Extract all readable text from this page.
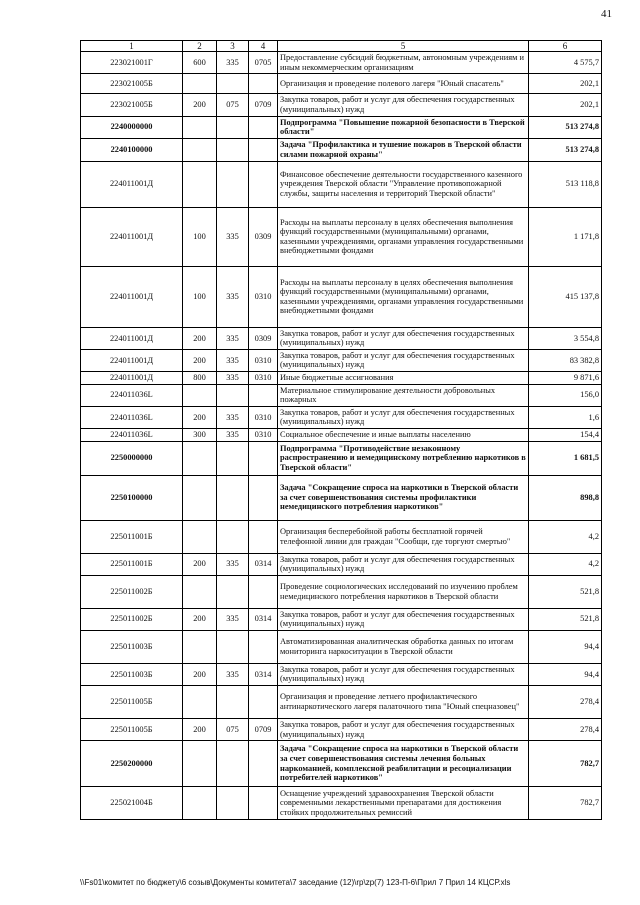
41
1	2	3	4	5	6
223021001Г	600	335	0705	Предоставление субсидий бюджетным, автономным учреждениям и иным некоммерческим организациям	4 575,7
223021005Б				Организация и проведение полевого лагеря "Юный спасатель"	202,1
223021005Б	200	075	0709	Закупка товаров, работ и услуг для обеспечения государственных (муниципальных) нужд	202,1
2240000000				Подпрограмма "Повышение пожарной безопасности в Тверской области"	513 274,8
2240100000				Задача "Профилактика и тушение пожаров в Тверской области силами пожарной охраны"	513 274,8
224011001Д				Финансовое обеспечение деятельности государственного казенного учреждения Тверской области "Управление противопожарной службы, защиты населения и территорий Тверской области"	513 118,8
224011001Д	100	335	0309	Расходы на выплаты персоналу в целях обеспечения выполнения функций государственными (муниципальными) органами, казенными учреждениями, органами управления государственными внебюджетными фондами	1 171,8
224011001Д	100	335	0310	Расходы на выплаты персоналу в целях обеспечения выполнения функций государственными (муниципальными) органами, казенными учреждениями, органами управления государственными внебюджетными фондами	415 137,8
224011001Д	200	335	0309	Закупка товаров, работ и услуг для обеспечения государственных (муниципальных) нужд	3 554,8
224011001Д	200	335	0310	Закупка товаров, работ и услуг для обеспечения государственных (муниципальных) нужд	83 382,8
224011001Д	800	335	0310	Иные бюджетные ассигнования	9 871,6
224011036L				Материальное стимулирование деятельности добровольных пожарных	156,0
224011036L	200	335	0310	Закупка товаров, работ и услуг для обеспечения государственных (муниципальных) нужд	1,6
224011036L	300	335	0310	Социальное обеспечение и иные выплаты населению	154,4
2250000000				Подпрограмма "Противодействие незаконному распространению и немедицинскому потреблению наркотиков в Тверской области"	1 681,5
2250100000				Задача "Сокращение спроса на наркотики в Тверской области за счет совершенствования системы профилактики немедицинского потребления наркотиков"	898,8
225011001Б				Организация бесперебойной работы бесплатной горячей телефонной линии для граждан "Сообщи, где торгуют смертью"	4,2
225011001Б	200	335	0314	Закупка товаров, работ и услуг для обеспечения государственных (муниципальных) нужд	4,2
225011002Б				Проведение социологических исследований по изучению проблем немедицинского потребления наркотиков в Тверской области	521,8
225011002Б	200	335	0314	Закупка товаров, работ и услуг для обеспечения государственных (муниципальных) нужд	521,8
225011003Б				Автоматизированная аналитическая обработка данных по итогам мониторинга наркоситуации в Тверской области	94,4
225011003Б	200	335	0314	Закупка товаров, работ и услуг для обеспечения государственных (муниципальных) нужд	94,4
225011005Б				Организация и проведение летнего профилактического антинаркотического лагеря палаточного типа "Юный спецназовец"	278,4
225011005Б	200	075	0709	Закупка товаров, работ и услуг для обеспечения государственных (муниципальных) нужд	278,4
2250200000				Задача "Сокращение спроса на наркотики в Тверской области за счет совершенствования системы лечения больных наркоманией, комплексной реабилитации и ресоциализации потребителей наркотиков"	782,7
225021004Б				Оснащение учреждений здравоохранения Тверской области современными лекарственными препаратами для достижения стойких продолжительных ремиссий	782,7
\\Fs01\комитет по бюджету\6 созыв\Документы комитета\7 заседание (12)\rp\zp(7) 123-П-6\Прил 7 Прил 14 КЦСР.xls
